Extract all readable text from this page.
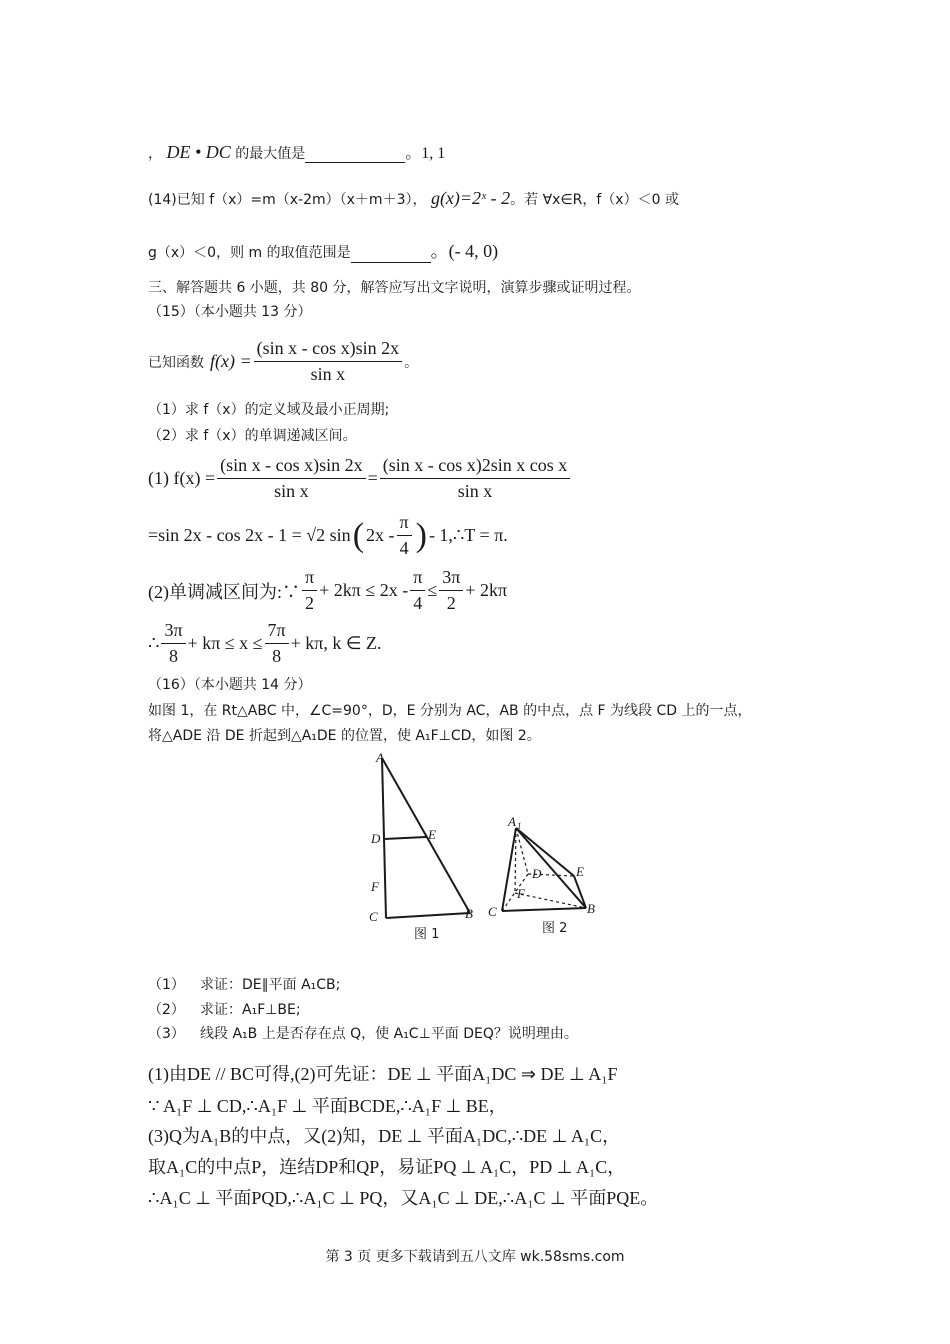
， DE • DC 的最大值是	。1, 1
(14)已知 f（x）=m（x-2m）（x＋m＋3）， g(x)=2ˣ - 2。若 ∀x∈R，f（x）＜0 或
g（x）＜0，则 m 的取值范围是	。(- 4, 0)
三、解答题共 6 小题，共 80 分，解答应写出文字说明，演算步骤或证明过程。
（15）（本小题共 13 分）
已知函数 $f(x) = \frac{\text{(sin x - cos x)sin 2x}}{\text{sin x}}$ 。
（1）求 f（x）的定义域及最小正周期;
（2）求 f（x）的单调递减区间。
(1) $f(x) = \frac{\text{(sin x - cos x)sin 2x}}{\text{sin x}} = \frac{\text{(sin x - cos x)2sin x cos x}}{\text{sin x}}$
=sin 2x - cos 2x - 1 = √2 sin ( $2x - \frac{\pi}{4}$ ) - 1,∴T = π.
(2)单调减区间为:∵ $\frac{\pi}{2} + 2k\pi \le 2x - \frac{\pi}{4} \le \frac{3\pi}{2} + 2k\pi$
∴ $\frac{3\pi}{8} + k\pi \le x \le \frac{7\pi}{8} + k\pi$, k ∈ Z.
（16）（本小题共 14 分）
如图 1，在 Rt△ABC 中，∠C=90°，D，E 分别为 AC，AB 的中点，点 F 为线段 CD 上的一点，
将△ADE 沿 DE 折起到△A₁DE 的位置，使 A₁F⊥CD，如图 2。
A
D	E
F
C	B
图 1
A 1
D	E
F
C	B
图 2
（1） 求证：DE∥平面 A₁CB;
（2） 求证：A₁F⊥BE;
（3） 线段 A₁B 上是否存在点 Q，使 A₁C⊥平面 DEQ？说明理由。
(1)由DE // BC可得,(2)可先证：DE ⊥ 平面A₁DC ⇒ DE ⊥ A₁F
∵ A₁F ⊥ CD,∴A₁F ⊥ 平面BCDE,∴A₁F ⊥ BE，
(3)Q为A₁B的中点，又(2)知，DE ⊥ 平面A₁DC,∴DE ⊥ A₁C，
取A₁C的中点P，连结DP和QP，易证PQ ⊥ A₁C，PD ⊥ A₁C，
∴A₁C ⊥ 平面PQD,∴A₁C ⊥ PQ，又A₁C ⊥ DE,∴A₁C ⊥ 平面PQE。
第 3 页 更多下载请到五八文库 wk.58sms.com
